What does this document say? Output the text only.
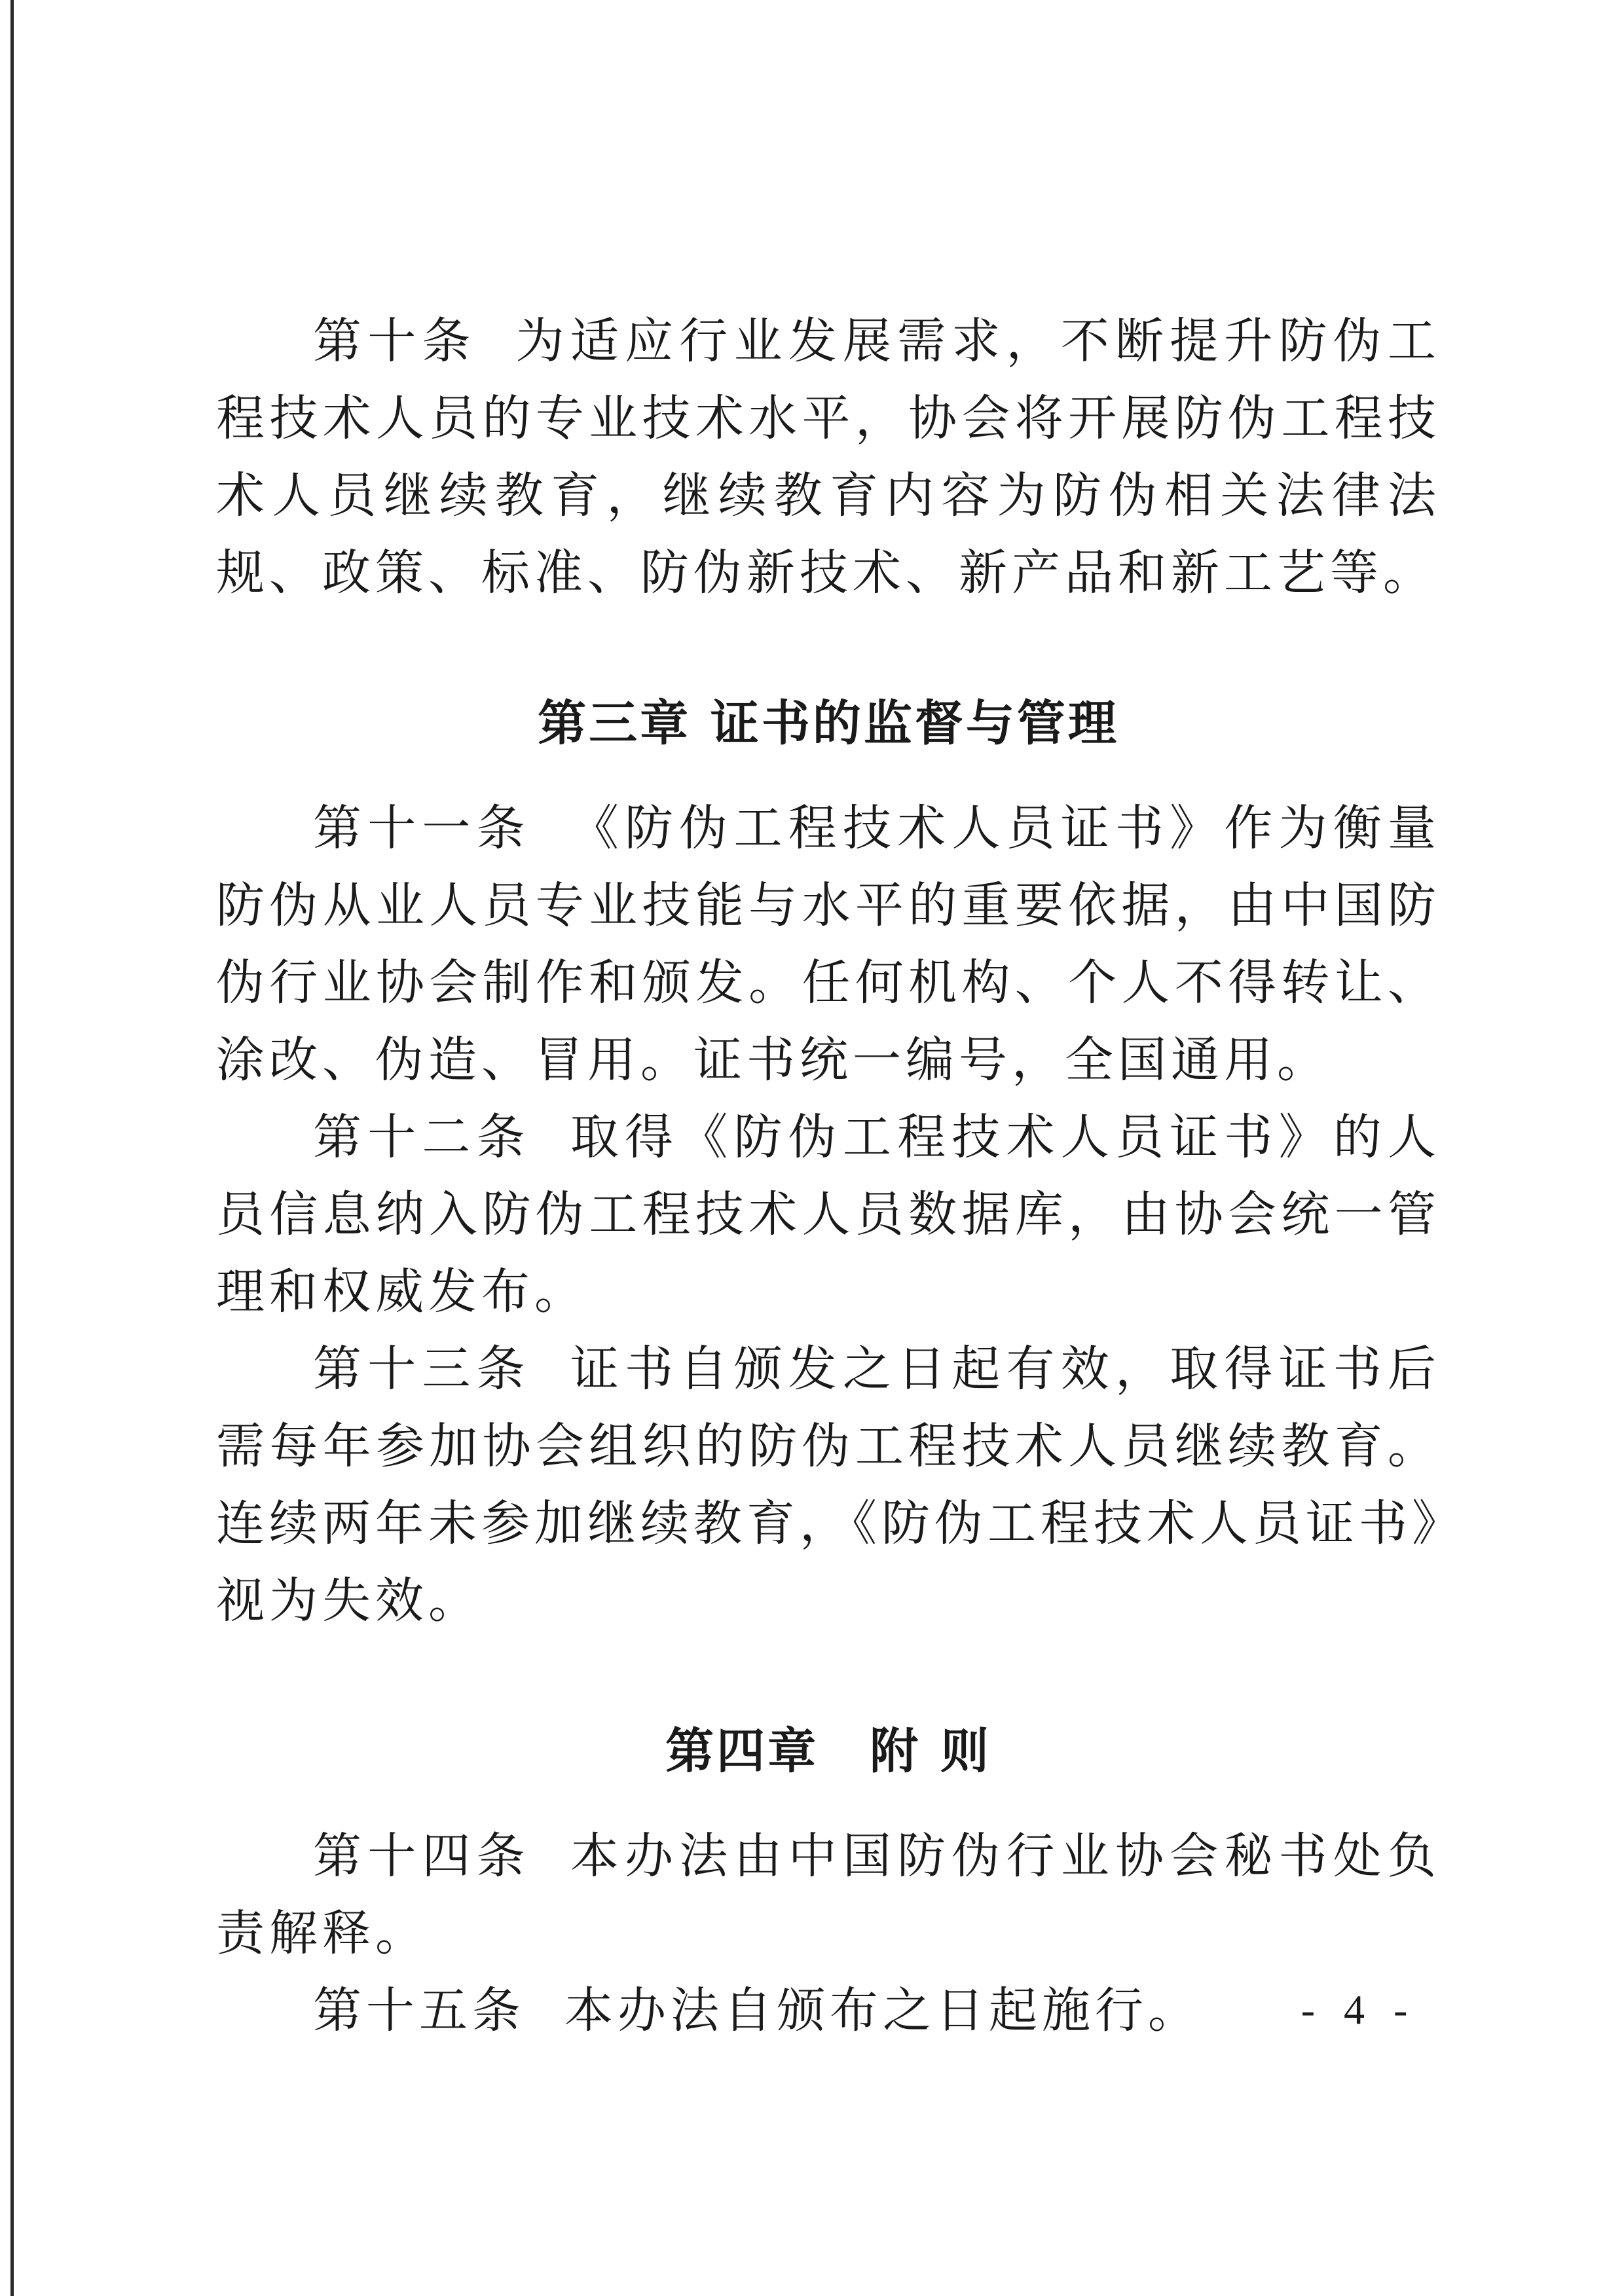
第十条 为适应行业发展需求，不断提升防伪工程技术人员的专业技术水平，协会将开展防伪工程技术人员继续教育，继续教育内容为防伪相关法律法规、政策、标准、防伪新技术、新产品和新工艺等。

第三章 证书的监督与管理

第十一条 《防伪工程技术人员证书》作为衡量防伪从业人员专业技能与水平的重要依据，由中国防伪行业协会制作和颁发。任何机构、个人不得转让、涂改、伪造、冒用。证书统一编号，全国通用。

第十二条 取得《防伪工程技术人员证书》的人员信息纳入防伪工程技术人员数据库，由协会统一管理和权威发布。

第十三条 证书自颁发之日起有效，取得证书后需每年参加协会组织的防伪工程技术人员继续教育。连续两年未参加继续教育，《防伪工程技术人员证书》视为失效。

第四章　附 则

第十四条 本办法由中国防伪行业协会秘书处负责解释。

第十五条 本办法自颁布之日起施行。	- 4 -
